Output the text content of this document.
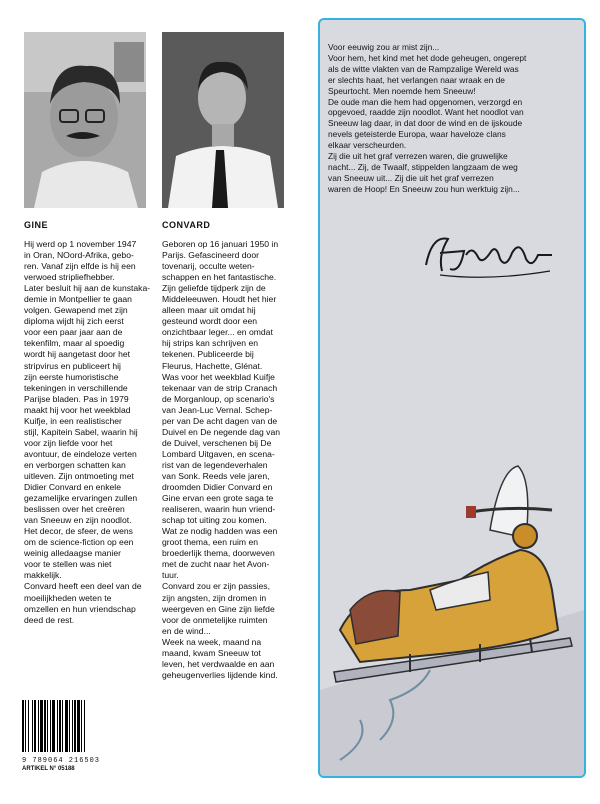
GINE	CONVARD

Hij werd op 1 november 1947

in Oran, NOord-Afrika, gebo-

ren. Vanaf zijn elfde is hij een

verwoed stripliefhebber.

Later besluit hij aan de kunstaka-

demie in Montpellier te gaan

volgen. Gewapend met zijn

diploma wijdt hij zich eerst

voor een paar jaar aan de

tekenfilm, maar al spoedig

wordt hij aangetast door het

stripvirus en publiceert hij

zijn eerste humoristische

tekeningen in verschillende

Parijse bladen. Pas in 1979

maakt hij voor het weekblad

Kuifje, in een realistischer

stijl, Kapitein Sabel, waarin hij

voor zijn liefde voor het

avontuur, de eindeloze verten

en verborgen schatten kan

uitleven. Zijn ontmoeting met

Didier Convard en enkele

gezamelijke ervaringen zullen

beslissen over het creëren

van Sneeuw en zijn noodlot.

Het decor, de sfeer, de wens

om de science-fiction op een

weinig alledaagse manier

voor te stellen was niet

makkelijk.

Convard heeft een deel van de

moeilijkheden weten te

omzellen en hun vriendschap

deed de rest.

Geboren op 16 januari 1950 in

Parijs. Gefascineerd door

tovenarij, occulte weten-

schappen en het fantastische.

Zijn geliefde tijdperk zijn de

Middeleeuwen. Houdt het hier

alleen maar uit omdat hij

gesteund wordt door een

onzichtbaar leger... en omdat

hij strips kan schrijven en

tekenen. Publiceerde bij

Fleurus, Hachette, Glénat.

Was voor het weekblad Kuifje

tekenaar van de strip Cranach

de Morganloup, op scenario's

van Jean-Luc Vernal. Schep-

per van De acht dagen van de

Duivel en De negende dag van

de Duivel, verschenen bij De

Lombard Uitgaven, en scena-

rist van de legendeverhalen

van Sonk. Reeds vele jaren,

droomden Didier Convard en

Gine ervan een grote saga te

realiseren, waarin hun vriend-

schap tot uiting zou komen.

Wat ze nodig hadden was een

groot thema, een ruim en

broederlijk thema, doorweven

met de zucht naar het Avon-

tuur.

Convard zou er zijn passies,

zijn angsten, zijn dromen in

weergeven en Gine zijn liefde

voor de onmetelijke ruimten

en de wind...

Week na week, maand na

maand, kwam Sneeuw tot

leven, het verdwaalde en aan

geheugenverlies lijdende kind.

Voor eeuwig zou ar mist zijn...

Voor hem, het kind met het dode geheugen, ongerept

als de witte vlakten van de Rampzalige Wereld was

er slechts haat, het verlangen naar wraak en de

Speurtocht. Men noemde hem Sneeuw!

De oude man die hem had opgenomen, verzorgd en

opgevoed, raadde zijn noodlot. Want het noodlot van

Sneeuw lag daar, in dat door de wind en de ijskoude

nevels geteisterde Europa, waar haveloze clans

elkaar verscheurden.

Zij die uit het graf verrezen waren, die gruwelijke

nacht... Zij, de Twaalf, stippelden langzaam de weg

van Sneeuw uit... Zij die uit het graf verrezen

waren de Hoop! En Sneeuw zou hun werktuig zijn...

9 789064 216503
ARTIKEL N° 05188
